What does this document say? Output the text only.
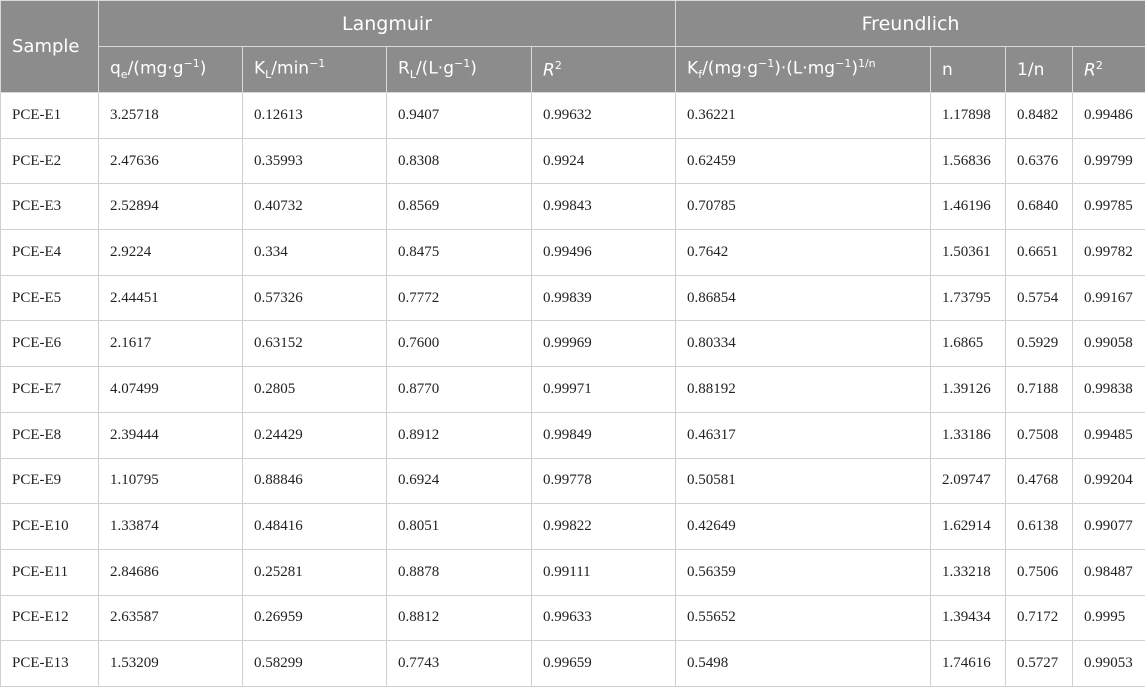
Sample	Langmuir				Freundlich			
	$q_e/(mg\cdot g^{-1})$	$K_L/\min^{-1}$	$R_L/(L\cdot g^{-1})$	$R^2$	$K_f/(mg\cdot g^{-1})\cdot(L\cdot mg^{-1})^{1/n}$	n	1/n	$R^2$
PCE-E1	3.25718	0.12613	0.9407	0.99632	0.36221	1.17898	0.8482	0.99486
PCE-E2	2.47636	0.35993	0.8308	0.9924	0.62459	1.56836	0.6376	0.99799
PCE-E3	2.52894	0.40732	0.8569	0.99843	0.70785	1.46196	0.6840	0.99785
PCE-E4	2.9224	0.334	0.8475	0.99496	0.7642	1.50361	0.6651	0.99782
PCE-E5	2.44451	0.57326	0.7772	0.99839	0.86854	1.73795	0.5754	0.99167
PCE-E6	2.1617	0.63152	0.7600	0.99969	0.80334	1.6865	0.5929	0.99058
PCE-E7	4.07499	0.2805	0.8770	0.99971	0.88192	1.39126	0.7188	0.99838
PCE-E8	2.39444	0.24429	0.8912	0.99849	0.46317	1.33186	0.7508	0.99485
PCE-E9	1.10795	0.88846	0.6924	0.99778	0.50581	2.09747	0.4768	0.99204
PCE-E10	1.33874	0.48416	0.8051	0.99822	0.42649	1.62914	0.6138	0.99077
PCE-E11	2.84686	0.25281	0.8878	0.99111	0.56359	1.33218	0.7506	0.98487
PCE-E12	2.63587	0.26959	0.8812	0.99633	0.55652	1.39434	0.7172	0.9995
PCE-E13	1.53209	0.58299	0.7743	0.99659	0.5498	1.74616	0.5727	0.99053
